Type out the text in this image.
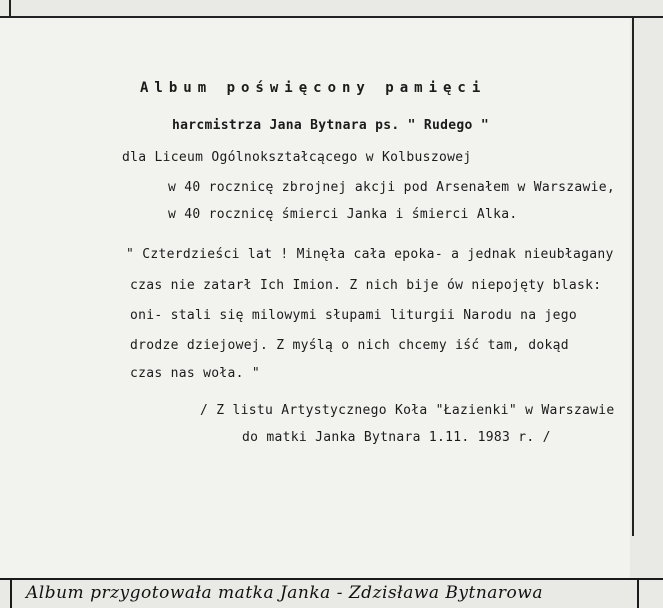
Album poświęcony pamięci
harcmistrza Jana Bytnara ps. " Rudego "
dla Liceum Ogólnokształcącego w Kolbuszowej
w 40 rocznicę zbrojnej akcji pod Arsenałem w Warszawie,
w 40 rocznicę śmierci Janka i śmierci Alka.
" Czterdzieści lat ! Minęła cała epoka- a jednak nieubłagany
czas nie zatarł Ich Imion. Z nich bije ów niepojęty blask:
oni- stali się milowymi słupami liturgii Narodu na jego
drodze dziejowej. Z myślą o nich chcemy iść tam, dokąd
czas nas woła. "
/ Z listu Artystycznego Koła "Łazienki" w Warszawie
do matki Janka Bytnara 1.11. 1983 r. /
Album przygotowała matka Janka - Zdzisława Bytnarowa
